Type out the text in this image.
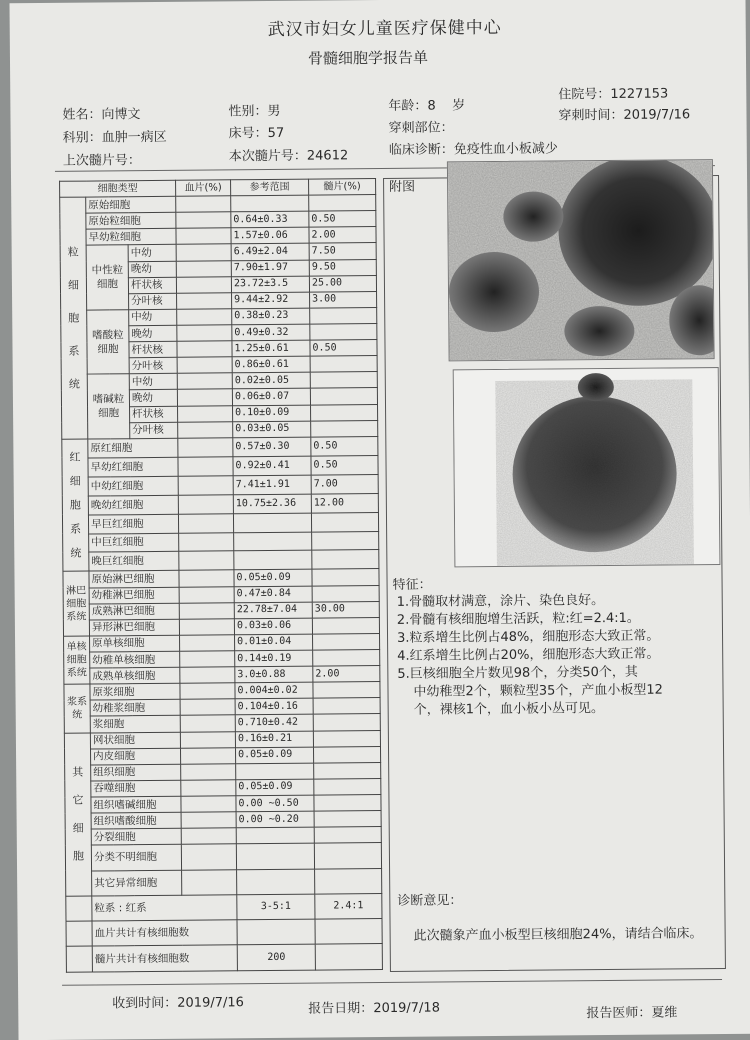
武汉市妇女儿童医疗保健中心
骨髓细胞学报告单
姓名：向博文	性别：男	年龄：8 岁
住院号：1227153
科别：血肿一病区	床号：57	穿刺部位：
穿刺时间：2019/7/16
上次髓片号：	本次髓片号：24612	临床诊断：免疫性血小板减少
细胞类型			血片(%)	参考范围	髓片(%)
粒细胞系统	原始细胞				
	原始粒细胞			0.64±0.33	0.50
	早幼粒细胞			1.57±0.06	2.00
	中性粒细胞	中幼		6.49±2.04	7.50
		晚幼		7.90±1.97	9.50
		杆状核		23.72±3.5	25.00
		分叶核		9.44±2.92	3.00
	嗜酸粒细胞	中幼		0.38±0.23	
		晚幼		0.49±0.32	
		杆状核		1.25±0.61	0.50
		分叶核		0.86±0.61	
	嗜碱粒细胞	中幼		0.02±0.05	
		晚幼		0.06±0.07	
		杆状核		0.10±0.09	
		分叶核		0.03±0.05	
红细胞系统	原红细胞			0.57±0.30	0.50
	早幼红细胞			0.92±0.41	0.50
	中幼红细胞			7.41±1.91	7.00
	晚幼红细胞			10.75±2.36	12.00
	早巨红细胞				
	中巨红细胞				
	晚巨红细胞				
淋巴细胞系统	原始淋巴细胞			0.05±0.09	
	幼稚淋巴细胞			0.47±0.84	
	成熟淋巴细胞			22.78±7.04	30.00
	异形淋巴细胞			0.03±0.06	
单核细胞系统	原单核细胞			0.01±0.04	
	幼稚单核细胞			0.14±0.19	
	成熟单核细胞			3.0±0.88	2.00
浆系统	原浆细胞			0.004±0.02	
	幼稚浆细胞			0.104±0.16	
	浆细胞			0.710±0.42	
其它细胞	网状细胞			0.16±0.21	
	内皮细胞			0.05±0.09	
	组织细胞				
	吞噬细胞			0.05±0.09	
	组织嗜碱细胞			0.00 ~0.50	
	组织嗜酸细胞			0.00 ~0.20	
	分裂细胞				
	分类不明细胞				
	其它异常细胞				
	粒系 : 红系			3-5:1	2.4:1
	血片共计有核细胞数				
	髓片共计有核细胞数			200	
附图
特征：
1.骨髓取材满意，涂片、染色良好。
2.骨髓有核细胞增生活跃，粒:红=2.4:1。
3.粒系增生比例占48%，细胞形态大致正常。
4.红系增生比例占20%，细胞形态大致正常。
5.巨核细胞全片数见98个，分类50个，其
中幼稚型2个，颗粒型35个，产血小板型12
个，裸核1个，血小板小丛可见。
诊断意见：
此次髓象产血小板型巨核细胞24%，请结合临床。
收到时间：2019/7/16	报告日期：2019/7/18	报告医师：夏维
